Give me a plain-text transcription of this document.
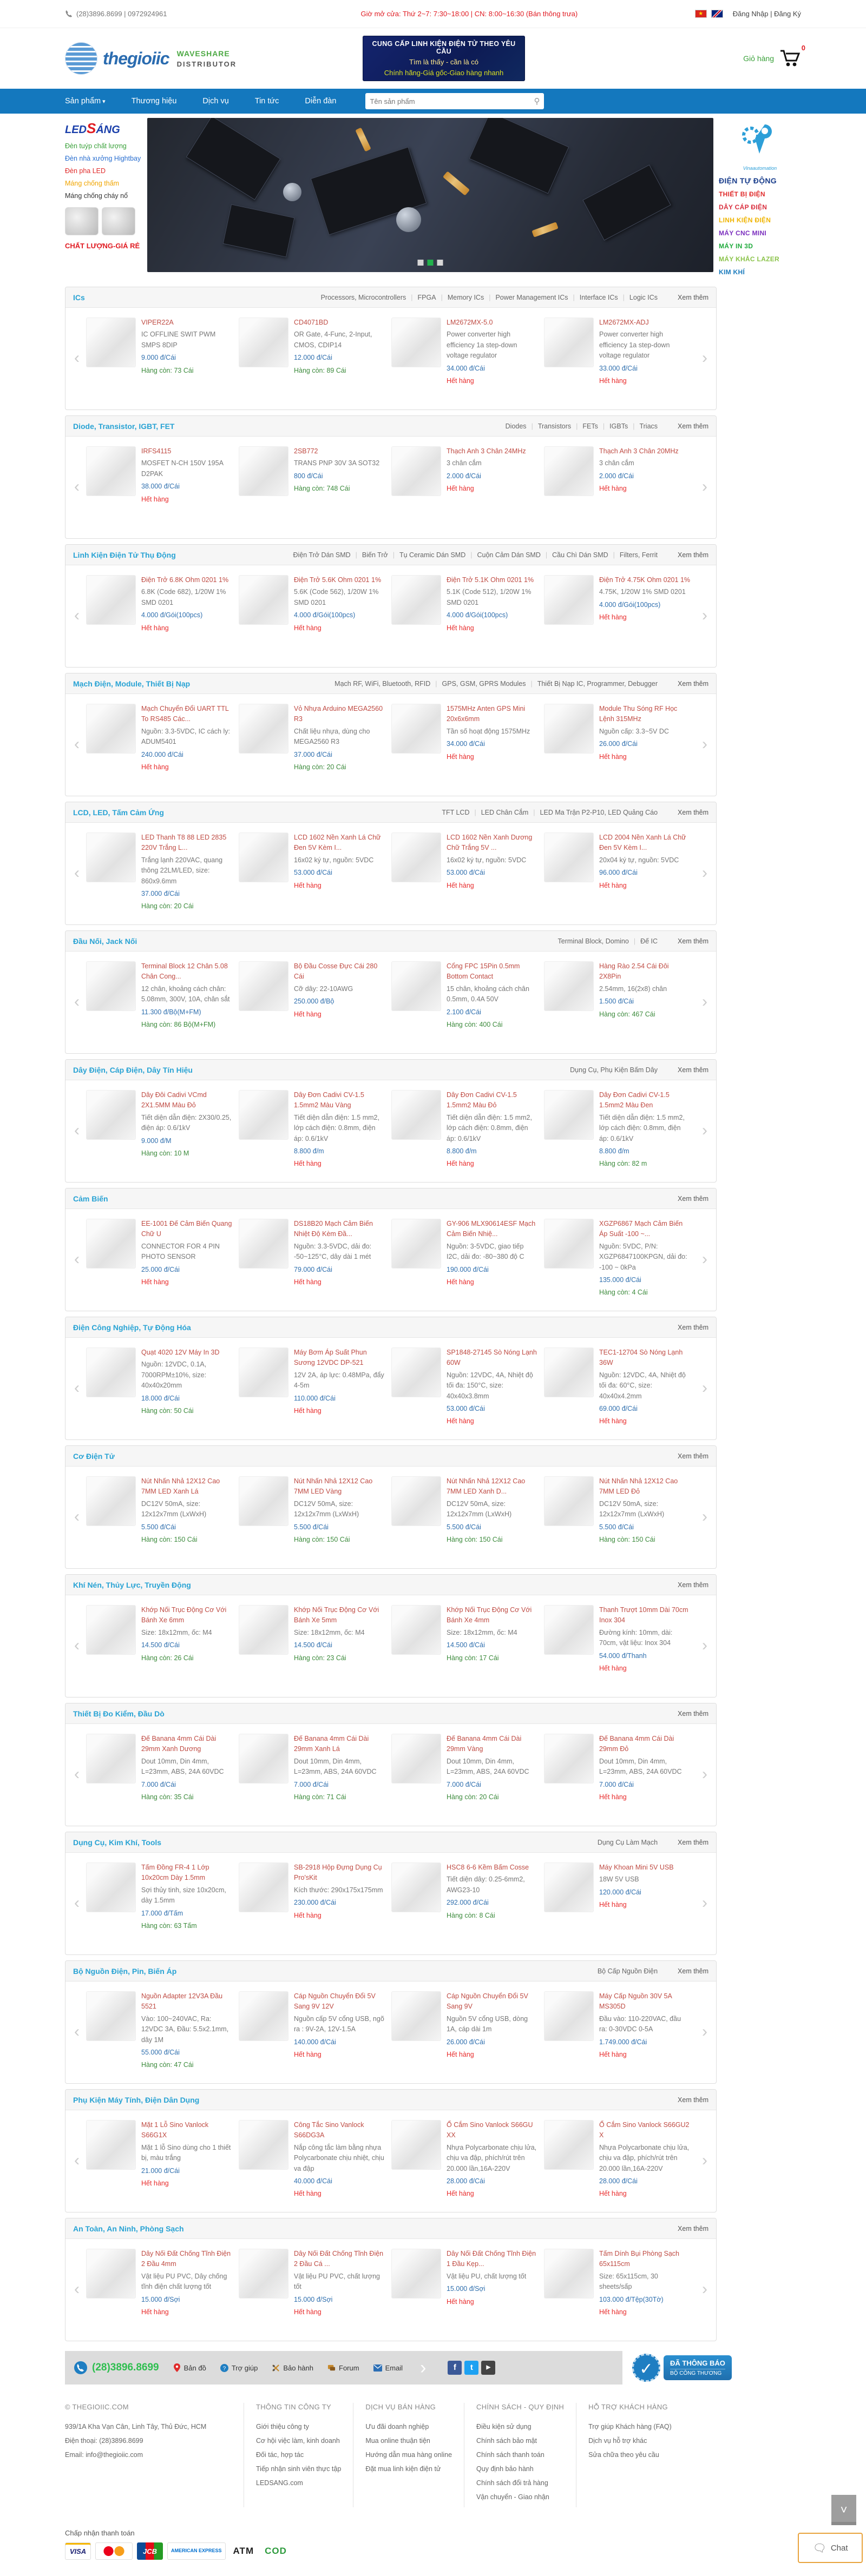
(28)3896.8699 | 0972924961	Giờ mở cửa: Thứ 2~7: 7:30~18:00 | CN: 8:00~16:30 (Bán thông trưa)	★	Đăng Nhập | Đăng Ký
thegioiic WAVESHARE
DISTRIBUTOR
CUNG CẤP LINH KIỆN ĐIỆN TỬ THEO YÊU CẦU
Tìm là thấy - cần là có
Chính hãng-Giá gốc-Giao hàng nhanh
Giỏ hàng
0
Sản phẩm ▾	Thương hiệu	Dịch vụ	Tin tức	Diễn đàn
Tên sản phẩm	⚲
LEDSÁNG
Đèn tuýp chất lượng
Đèn nhà xưởng Hightbay
Đèn pha LED
Máng chống thấm
Máng chống cháy nổ
CHẤT LƯỢNG-GIÁ RẺ
Vinaautomation
ĐIỆN TỰ ĐỘNG
THIẾT BỊ ĐIỆN
DÂY CÁP ĐIỆN
LINH KIỆN ĐIỆN
MÁY CNC MINI
MÁY IN 3D
MÁY KHẮC LAZER
KIM KHÍ
ICs	Processors, Microcontrollers | FPGA | Memory ICs | Power Management ICs | Interface ICs | Logic ICs	Xem thêm
‹
VIPER22A
IC OFFLINE SWIT PWM SMPS 8DIP
9.000 đ/Cái
Hàng còn: 73 Cái
CD4071BD
OR Gate, 4-Func, 2-Input, CMOS, CDIP14
12.000 đ/Cái
Hàng còn: 89 Cái
LM2672MX-5.0
Power converter high efficiency 1a step-down voltage regulator
34.000 đ/Cái
Hết hàng
LM2672MX-ADJ
Power converter high efficiency 1a step-down voltage regulator
33.000 đ/Cái
Hết hàng
›
Diode, Transistor, IGBT, FET	Diodes | Transistors | FETs | IGBTs | Triacs	Xem thêm
‹
IRFS4115
MOSFET N-CH 150V 195A D2PAK
38.000 đ/Cái
Hết hàng
2SB772
TRANS PNP 30V 3A SOT32
800 đ/Cái
Hàng còn: 748 Cái
Thạch Anh 3 Chân 24MHz
3 chân cắm
2.000 đ/Cái
Hết hàng
Thạch Anh 3 Chân 20MHz
3 chân cắm
2.000 đ/Cái
Hết hàng	›
Linh Kiện Điện Tử Thụ Động	Điện Trở Dán SMD | Biến Trở | Tụ Ceramic Dán SMD | Cuộn Cảm Dán SMD | Cầu Chì Dán SMD | Filters, Ferrit	Xem thêm
‹
Điện Trở 6.8K Ohm 0201 1%
6.8K (Code 682), 1/20W 1% SMD 0201
4.000 đ/Gói(100pcs)
Hết hàng
Điện Trở 5.6K Ohm 0201 1%
5.6K (Code 562), 1/20W 1% SMD 0201
4.000 đ/Gói(100pcs)
Hết hàng
Điện Trở 5.1K Ohm 0201 1%
5.1K (Code 512), 1/20W 1% SMD 0201
4.000 đ/Gói(100pcs)
Hết hàng
Điện Trở 4.75K Ohm 0201 1%
4.75K, 1/20W 1% SMD 0201
4.000 đ/Gói(100pcs)
Hết hàng	›
Mạch Điện, Module, Thiết Bị Nạp	Mạch RF, WiFi, Bluetooth, RFID | GPS, GSM, GPRS Modules | Thiết Bị Nạp IC, Programmer, Debugger	Xem thêm
‹
Mạch Chuyển Đổi UART TTL To RS485 Các...
Nguồn: 3.3-5VDC, IC cách ly: ADUM5401
240.000 đ/Cái
Hết hàng
Vỏ Nhựa Arduino MEGA2560 R3
Chất liệu nhựa, dùng cho MEGA2560 R3
37.000 đ/Cái
Hàng còn: 20 Cái
1575MHz Anten GPS Mini 20x6x6mm
Tần số hoạt động 1575MHz
34.000 đ/Cái
Hết hàng
Module Thu Sóng RF Học Lệnh 315MHz
Nguồn cấp: 3.3~5V DC
26.000 đ/Cái
Hết hàng
›
LCD, LED, Tấm Cảm Ứng	TFT LCD | LED Chân Cắm | LED Ma Trận P2-P10, LED Quảng Cáo	Xem thêm
‹
LED Thanh T8 88 LED 2835 220V Trắng L...
Trắng lạnh 220VAC, quang thông 22LM/LED, size: 860x9.6mm
37.000 đ/Cái
Hàng còn: 20 Cái
LCD 1602 Nền Xanh Lá Chữ Đen 5V Kèm I...
16x02 ký tự, nguồn: 5VDC
53.000 đ/Cái
Hết hàng
LCD 1602 Nền Xanh Dương Chữ Trắng 5V ...
16x02 ký tự, nguồn: 5VDC
53.000 đ/Cái
Hết hàng
LCD 2004 Nền Xanh Lá Chữ Đen 5V Kèm I...
20x04 ký tự, nguồn: 5VDC
96.000 đ/Cái
Hết hàng
›
Đầu Nối, Jack Nối	Terminal Block, Domino | Đế IC	Xem thêm
‹
Terminal Block 12 Chân 5.08 Chân Cong...
12 chân, khoảng cách chân: 5.08mm, 300V, 10A, chân sắt
11.300 đ/Bộ(M+FM)
Hàng còn: 86 Bộ(M+FM)
Bộ Đầu Cosse Đực Cái 280 Cái
Cỡ dây: 22-10AWG
250.000 đ/Bộ
Hết hàng
Cổng FPC 15Pin 0.5mm Bottom Contact
15 chân, khoảng cách chân 0.5mm, 0.4A 50V
2.100 đ/Cái
Hàng còn: 400 Cái
Hàng Rào 2.54 Cái Đôi 2X8Pin
2.54mm, 16(2x8) chân
1.500 đ/Cái
Hàng còn: 467 Cái
›
Dây Điện, Cáp Điện, Dây Tín Hiệu	Dụng Cụ, Phụ Kiện Bấm Dây	Xem thêm
‹
Dây Đôi Cadivi VCmd 2X1.5MM Màu Đỏ
Tiết diện dẫn điện: 2X30/0.25, điện áp: 0.6/1kV
9.000 đ/M
Hàng còn: 10 M
Dây Đơn Cadivi CV-1.5 1.5mm2 Màu Vàng
Tiết diện dẫn điện: 1.5 mm2, lớp cách điện: 0.8mm, điện áp: 0.6/1kV
8.800 đ/m
Hết hàng
Dây Đơn Cadivi CV-1.5 1.5mm2 Màu Đỏ
Tiết diện dẫn điện: 1.5 mm2, lớp cách điện: 0.8mm, điện áp: 0.6/1kV
8.800 đ/m
Hết hàng
Dây Đơn Cadivi CV-1.5 1.5mm2 Màu Đen
Tiết diện dẫn điện: 1.5 mm2, lớp cách điện: 0.8mm, điện áp: 0.6/1kV
8.800 đ/m
Hàng còn: 82 m
›
Cảm Biến	Xem thêm
‹
EE-1001 Đế Cảm Biến Quang Chữ U
CONNECTOR FOR 4 PIN PHOTO SENSOR
25.000 đ/Cái
Hết hàng
DS18B20 Mạch Cảm Biến Nhiệt Độ Kèm Đầ...
Nguồn: 3.3-5VDC, dải đo: -50~125°C, dây dài 1 mét
79.000 đ/Cái
Hết hàng
GY-906 MLX90614ESF Mạch Cảm Biến Nhiệ...
Nguồn: 3-5VDC, giao tiếp I2C, dải đo: -80~380 độ C
190.000 đ/Cái
Hết hàng
XGZP6867 Mạch Cảm Biến Áp Suất -100 ~...
Nguồn: 5VDC, P/N: XGZP6847100KPGN, dải đo: -100 ~ 0kPa
135.000 đ/Cái
Hàng còn: 4 Cái
›
Điện Công Nghiệp, Tự Động Hóa	Xem thêm
‹
Quạt 4020 12V Máy In 3D
Nguồn: 12VDC, 0.1A, 7000RPM±10%, size: 40x40x20mm
18.000 đ/Cái
Hàng còn: 50 Cái
Máy Bơm Áp Suất Phun Sương 12VDC DP-521
12V 2A, áp lực: 0.48MPa, đẩy 4-5m
110.000 đ/Cái
Hết hàng
SP1848-27145 Sò Nóng Lạnh 60W
Nguồn: 12VDC, 4A, Nhiệt độ tối đa: 150°C, size: 40x40x3.8mm
53.000 đ/Cái
Hết hàng
TEC1-12704 Sò Nóng Lạnh 36W
Nguồn: 12VDC, 4A, Nhiệt độ tối đa: 60°C, size: 40x40x4.2mm
69.000 đ/Cái
Hết hàng
›
Cơ Điện Tử	Xem thêm
‹
Nút Nhấn Nhả 12X12 Cao 7MM LED Xanh Lá
DC12V 50mA, size: 12x12x7mm (LxWxH)
5.500 đ/Cái
Hàng còn: 150 Cái
Nút Nhấn Nhả 12X12 Cao 7MM LED Vàng
DC12V 50mA, size: 12x12x7mm (LxWxH)
5.500 đ/Cái
Hàng còn: 150 Cái
Nút Nhấn Nhả 12X12 Cao 7MM LED Xanh D...
DC12V 50mA, size: 12x12x7mm (LxWxH)
5.500 đ/Cái
Hàng còn: 150 Cái
Nút Nhấn Nhả 12X12 Cao 7MM LED Đỏ
DC12V 50mA, size: 12x12x7mm (LxWxH)
5.500 đ/Cái
Hàng còn: 150 Cái
›
Khí Nén, Thủy Lực, Truyền Động	Xem thêm
‹
Khớp Nối Trục Động Cơ Với Bánh Xe 6mm
Size: 18x12mm, ốc: M4
14.500 đ/Cái
Hàng còn: 26 Cái
Khớp Nối Trục Động Cơ Với Bánh Xe 5mm
Size: 18x12mm, ốc: M4
14.500 đ/Cái
Hàng còn: 23 Cái
Khớp Nối Trục Động Cơ Với Bánh Xe 4mm
Size: 18x12mm, ốc: M4
14.500 đ/Cái
Hàng còn: 17 Cái
Thanh Trượt 10mm Dài 70cm Inox 304
Đường kính: 10mm, dài: 70cm, vật liệu: Inox 304
54.000 đ/Thanh
Hết hàng
›
Thiết Bị Đo Kiểm, Đầu Dò	Xem thêm
‹
Đế Banana 4mm Cái Dài 29mm Xanh Dương
Dout 10mm, Din 4mm, L=23mm, ABS, 24A 60VDC
7.000 đ/Cái
Hàng còn: 35 Cái
Đế Banana 4mm Cái Dài 29mm Xanh Lá
Dout 10mm, Din 4mm, L=23mm, ABS, 24A 60VDC
7.000 đ/Cái
Hàng còn: 71 Cái
Đế Banana 4mm Cái Dài 29mm Vàng
Dout 10mm, Din 4mm, L=23mm, ABS, 24A 60VDC
7.000 đ/Cái
Hàng còn: 20 Cái
Đế Banana 4mm Cái Dài 29mm Đỏ
Dout 10mm, Din 4mm, L=23mm, ABS, 24A 60VDC
7.000 đ/Cái
Hết hàng
›
Dụng Cụ, Kim Khí, Tools	Dụng Cụ Làm Mạch	Xem thêm
‹
Tấm Đồng FR-4 1 Lớp 10x20cm Dày 1.5mm
Sợi thủy tinh, size 10x20cm, dày 1.5mm
17.000 đ/Tấm
Hàng còn: 63 Tấm
SB-2918 Hộp Đựng Dụng Cụ Pro'sKit
Kích thước: 290x175x175mm
230.000 đ/Cái
Hết hàng
HSC8 6-6 Kềm Bấm Cosse
Tiết diện dây: 0.25-6mm2, AWG23-10
292.000 đ/Cái
Hàng còn: 8 Cái
Máy Khoan Mini 5V USB
18W 5V USB
120.000 đ/Cái
Hết hàng	›
Bộ Nguồn Điện, Pin, Biến Áp	Bộ Cấp Nguồn Điện	Xem thêm
‹
Nguồn Adapter 12V3A Đầu 5521
Vào: 100~240VAC, Ra: 12VDC 3A, Đầu: 5.5x2.1mm, dây 1M
55.000 đ/Cái
Hàng còn: 47 Cái
Cáp Nguồn Chuyển Đổi 5V Sang 9V 12V
Nguồn cấp 5V cổng USB, ngõ ra : 9V-2A, 12V-1.5A
140.000 đ/Cái
Hết hàng
Cáp Nguồn Chuyển Đổi 5V Sang 9V
Nguồn 5V cổng USB, dòng 1A, cáp dài 1m
26.000 đ/Cái
Hết hàng
Máy Cấp Nguồn 30V 5A MS305D
Đầu vào: 110-220VAC, đầu ra: 0-30VDC 0-5A
1.749.000 đ/Cái
Hết hàng
›
Phụ Kiện Máy Tính, Điện Dân Dụng	Xem thêm
‹
Mặt 1 Lỗ Sino Vanlock S66G1X
Mặt 1 lỗ Sino dùng cho 1 thiết bị, màu trắng
21.000 đ/Cái
Hết hàng
Công Tắc Sino Vanlock S66DG3A
Nắp công tắc làm bằng nhựa Polycarbonate chịu nhiệt, chịu va đập
40.000 đ/Cái
Hết hàng
Ổ Cắm Sino Vanlock S66GU XX
Nhựa Polycarbonate chịu lửa, chịu va đập, phích/rút trên 20.000 lần,16A-220V
28.000 đ/Cái
Hết hàng
Ổ Cắm Sino Vanlock S66GU2 X
Nhựa Polycarbonate chịu lửa, chịu va đập, phích/rút trên 20.000 lần,16A-220V
28.000 đ/Cái
Hết hàng
›
An Toàn, An Ninh, Phòng Sạch	Xem thêm
‹
Dây Nối Đất Chống Tĩnh Điện 2 Đầu 4mm
Vật liệu PU PVC, Dây chống tĩnh điện chất lượng tốt
15.000 đ/Sợi
Hết hàng
Dây Nối Đất Chống Tĩnh Điện 2 Đầu Cá ...
Vật liệu PU PVC, chất lượng tốt
15.000 đ/Sợi
Hết hàng
Dây Nối Đất Chống Tĩnh Điện 1 Đầu Kẹp...
Vật liệu PU, chất lượng tốt
15.000 đ/Sợi
Hết hàng
Tấm Dính Bụi Phòng Sạch 65x115cm
Size: 65x115cm, 30 sheets/sấp
103.000 đ/Tệp(30Tờ)
Hết hàng
›
(28)3896.8699	Bản đồ	? Trợ giúp	Bảo hành	Forum	Email ›	f	t	▶	✓	ĐÃ THÔNG BÁO
BỘ CÔNG THƯƠNG
© THEGIOIIC.COM
939/1A Kha Vạn Cân, Linh Tây, Thủ Đức, HCM
Điện thoại: (28)3896.8699
Email: info@thegioiic.com
THÔNG TIN CÔNG TY
Giới thiệu công ty
Cơ hội việc làm, kinh doanh
Đối tác, hợp tác
Tiếp nhận sinh viên thực tập
LEDSANG.com
DỊCH VỤ BÁN HÀNG
Ưu đãi doanh nghiệp
Mua online thuận tiện
Hướng dẫn mua hàng online
Đặt mua linh kiện điện tử
CHÍNH SÁCH - QUY ĐỊNH
Điều kiện sử dụng
Chính sách bảo mật
Chính sách thanh toán
Quy định bảo hành
Chính sách đổi trả hàng
Vận chuyển - Giao nhận
HỖ TRỢ KHÁCH HÀNG
Trợ giúp Khách hàng (FAQ)
Dịch vụ hỗ trợ khác
Sửa chữa theo yêu cầu
Chấp nhận thanh toán
VISA	JCB	AMERICAN EXPRESS	ATM	COD
˅
🗨 Chat
